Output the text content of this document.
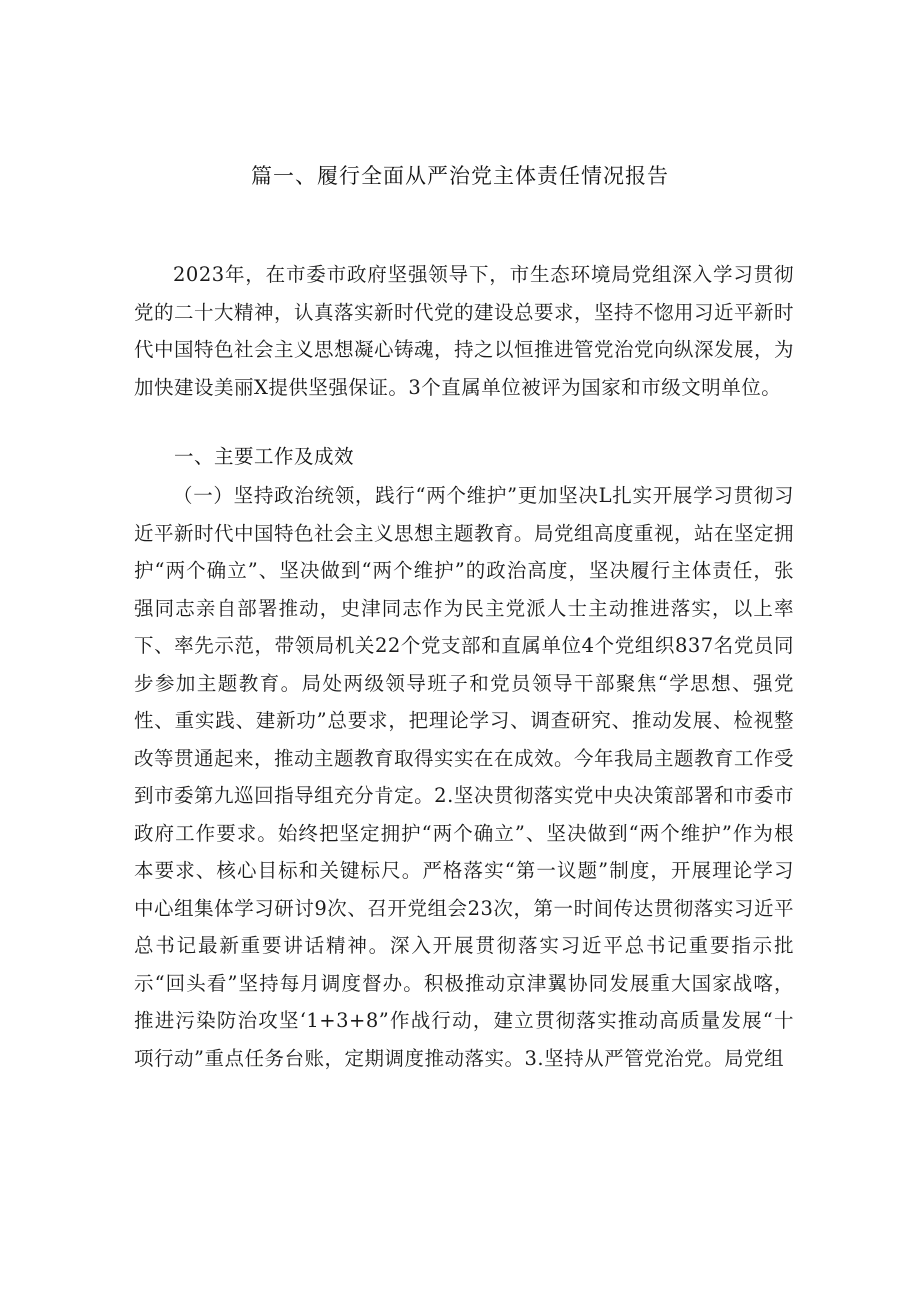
篇一、履行全面从严治党主体责任情况报告

2023年，在市委市政府坚强领导下，市生态环境局党组深入学习贯彻党的二十大精神，认真落实新时代党的建设总要求，坚持不惚用习近平新时代中国特色社会主义思想凝心铸魂，持之以恒推进管党治党向纵深发展，为加快建设美丽X提供坚强保证。3个直属单位被评为国家和市级文明单位。

一、主要工作及成效

（一）坚持政治统领，践行“两个维护”更加坚决L扎实开展学习贯彻习近平新时代中国特色社会主义思想主题教育。局党组高度重视，站在坚定拥护“两个确立”、坚决做到“两个维护”的政治高度，坚决履行主体责任，张强同志亲自部署推动，史津同志作为民主党派人士主动推进落实，以上率下、率先示范，带领局机关22个党支部和直属单位4个党组织837名党员同步参加主题教育。局处两级领导班子和党员领导干部聚焦“学思想、强党性、重实践、建新功”总要求，把理论学习、调查研究、推动发展、检视整改等贯通起来，推动主题教育取得实实在在成效。今年我局主题教育工作受到市委第九巡回指导组充分肯定。2.坚决贯彻落实党中央决策部署和市委市政府工作要求。始终把坚定拥护“两个确立”、坚决做到“两个维护”作为根本要求、核心目标和关键标尺。严格落实“第一议题”制度，开展理论学习中心组集体学习研讨9次、召开党组会23次，第一时间传达贯彻落实习近平总书记最新重要讲话精神。深入开展贯彻落实习近平总书记重要指示批示“回头看”坚持每月调度督办。积极推动京津翼协同发展重大国家战喀，推进污染防治攻坚‘1+3+8”作战行动，建立贯彻落实推动高质量发展“十项行动”重点任务台账，定期调度推动落实。3.坚持从严管党治党。局党组
